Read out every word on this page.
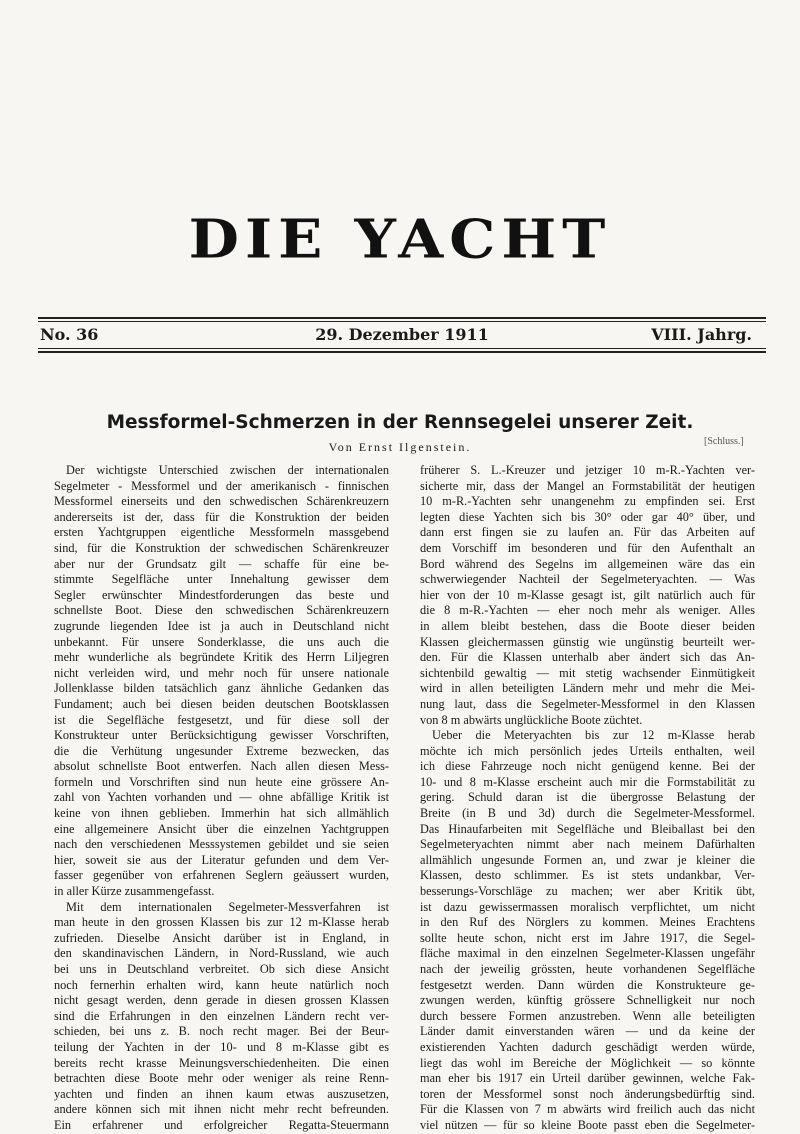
DIE YACHT
No. 36	29. Dezember 1911	VIII. Jahrg.
Messformel-Schmerzen in der Rennsegelei unserer Zeit.
Von Ernst Ilgenstein.	[Schluss.]
Der wichtigste Unterschied zwischen der internationalen
Segelmeter - Messformel und der amerikanisch - finnischen
Messformel einerseits und den schwedischen Schärenkreuzern
andererseits ist der, dass für die Konstruktion der beiden
ersten Yachtgruppen eigentliche Messformeln massgebend
sind, für die Konstruktion der schwedischen Schärenkreuzer
aber nur der Grundsatz gilt — schaffe für eine be-
stimmte Segelfläche unter Innehaltung gewisser dem
Segler erwünschter Mindestforderungen das beste und
schnellste Boot. Diese den schwedischen Schärenkreuzern
zugrunde liegenden Idee ist ja auch in Deutschland nicht
unbekannt. Für unsere Sonderklasse, die uns auch die
mehr wunderliche als begründete Kritik des Herrn Liljegren
nicht verleiden wird, und mehr noch für unsere nationale
Jollenklasse bilden tatsächlich ganz ähnliche Gedanken das
Fundament; auch bei diesen beiden deutschen Bootsklassen
ist die Segelfläche festgesetzt, und für diese soll der
Konstrukteur unter Berücksichtigung gewisser Vorschriften,
die die Verhütung ungesunder Extreme bezwecken, das
absolut schnellste Boot entwerfen. Nach allen diesen Mess-
formeln und Vorschriften sind nun heute eine grössere An-
zahl von Yachten vorhanden und — ohne abfällige Kritik ist
keine von ihnen geblieben. Immerhin hat sich allmählich
eine allgemeinere Ansicht über die einzelnen Yachtgruppen
nach den verschiedenen Messsystemen gebildet und sie seien
hier, soweit sie aus der Literatur gefunden und dem Ver-
fasser gegenüber von erfahrenen Seglern geäussert wurden,
in aller Kürze zusammengefasst.
Mit dem internationalen Segelmeter-Messverfahren ist
man heute in den grossen Klassen bis zur 12 m-Klasse herab
zufrieden. Dieselbe Ansicht darüber ist in England, in
den skandinavischen Ländern, in Nord-Russland, wie auch
bei uns in Deutschland verbreitet. Ob sich diese Ansicht
noch fernerhin erhalten wird, kann heute natürlich noch
nicht gesagt werden, denn gerade in diesen grossen Klassen
sind die Erfahrungen in den einzelnen Ländern recht ver-
schieden, bei uns z. B. noch recht mager. Bei der Beur-
teilung der Yachten in der 10- und 8 m-Klasse gibt es
bereits recht krasse Meinungsverschiedenheiten. Die einen
betrachten diese Boote mehr oder weniger als reine Renn-
yachten und finden an ihnen kaum etwas auszusetzen,
andere können sich mit ihnen nicht mehr recht befreunden.
Ein erfahrener und erfolgreicher Regatta-Steuermann
früherer S. L.-Kreuzer und jetziger 10 m-R.-Yachten ver-
sicherte mir, dass der Mangel an Formstabilität der heutigen
10 m-R.-Yachten sehr unangenehm zu empfinden sei. Erst
legten diese Yachten sich bis 30° oder gar 40° über, und
dann erst fingen sie zu laufen an. Für das Arbeiten auf
dem Vorschiff im besonderen und für den Aufenthalt an
Bord während des Segelns im allgemeinen wäre das ein
schwerwiegender Nachteil der Segelmeteryachten. — Was
hier von der 10 m-Klasse gesagt ist, gilt natürlich auch für
die 8 m-R.-Yachten — eher noch mehr als weniger. Alles
in allem bleibt bestehen, dass die Boote dieser beiden
Klassen gleichermassen günstig wie ungünstig beurteilt wer-
den. Für die Klassen unterhalb aber ändert sich das An-
sichtenbild gewaltig — mit stetig wachsender Einmütigkeit
wird in allen beteiligten Ländern mehr und mehr die Mei-
nung laut, dass die Segelmeter-Messformel in den Klassen
von 8 m abwärts unglückliche Boote züchtet.
Ueber die Meteryachten bis zur 12 m-Klasse herab
möchte ich mich persönlich jedes Urteils enthalten, weil
ich diese Fahrzeuge noch nicht genügend kenne. Bei der
10- und 8 m-Klasse erscheint auch mir die Formstabilität zu
gering. Schuld daran ist die übergrosse Belastung der
Breite (in B und 3d) durch die Segelmeter-Messformel.
Das Hinaufarbeiten mit Segelfläche und Bleiballast bei den
Segelmeteryachten nimmt aber nach meinem Dafürhalten
allmählich ungesunde Formen an, und zwar je kleiner die
Klassen, desto schlimmer. Es ist stets undankbar, Ver-
besserungs-Vorschläge zu machen; wer aber Kritik übt,
ist dazu gewissermassen moralisch verpflichtet, um nicht
in den Ruf des Nörglers zu kommen. Meines Erachtens
sollte heute schon, nicht erst im Jahre 1917, die Segel-
fläche maximal in den einzelnen Segelmeter-Klassen ungefähr
nach der jeweilig grössten, heute vorhandenen Segelfläche
festgesetzt werden. Dann würden die Konstrukteure ge-
zwungen werden, künftig grössere Schnelligkeit nur noch
durch bessere Formen anzustreben. Wenn alle beteiligten
Länder damit einverstanden wären — und da keine der
existierenden Yachten dadurch geschädigt werden würde,
liegt das wohl im Bereiche der Möglichkeit — so könnte
man eher bis 1917 ein Urteil darüber gewinnen, welche Fak-
toren der Messformel sonst noch änderungsbedürftig sind.
Für die Klassen von 7 m abwärts wird freilich auch das nicht
viel nützen — für so kleine Boote passt eben die Segelmeter-
